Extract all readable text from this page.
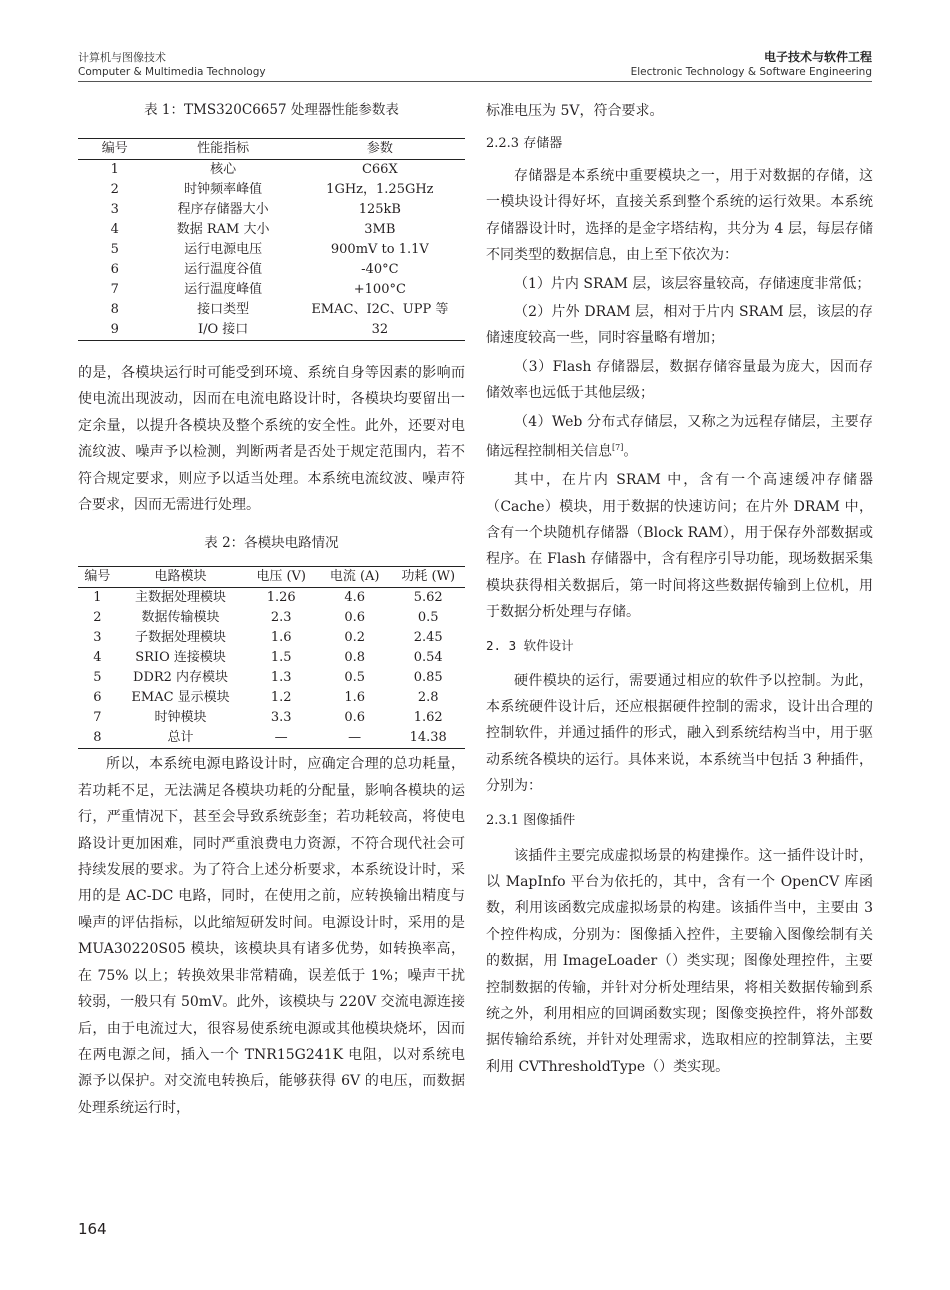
计算机与图像技术
Computer & Multimedia Technology
电子技术与软件工程
Electronic Technology & Software Engineering
表 1：TMS320C6657 处理器性能参数表
编号	性能指标	参数
1	核心	C66X
2	时钟频率峰值	1GHz，1.25GHz
3	程序存储器大小	125kB
4	数据 RAM 大小	3MB
5	运行电源电压	900mV to 1.1V
6	运行温度谷值	-40°C
7	运行温度峰值	+100°C
8	接口类型	EMAC、I2C、UPP 等
9	I/O 接口	32

的是，各模块运行时可能受到环境、系统自身等因素的影响而使电流出现波动，因而在电流电路设计时，各模块均要留出一定余量，以提升各模块及整个系统的安全性。此外，还要对电流纹波、噪声予以检测，判断两者是否处于规定范围内，若不符合规定要求，则应予以适当处理。本系统电流纹波、噪声符合要求，因而无需进行处理。

表 2：各模块电路情况
编号	电路模块	电压 (V)	电流 (A)	功耗 (W)
1	主数据处理模块	1.26	4.6	5.62
2	数据传输模块	2.3	0.6	0.5
3	子数据处理模块	1.6	0.2	2.45
4	SRIO 连接模块	1.5	0.8	0.54
5	DDR2 内存模块	1.3	0.5	0.85
6	EMAC 显示模块	1.2	1.6	2.8
7	时钟模块	3.3	0.6	1.62
8	总计	—	—	14.38

所以，本系统电源电路设计时，应确定合理的总功耗量，若功耗不足，无法满足各模块功耗的分配量，影响各模块的运行，严重情况下，甚至会导致系统彭奎；若功耗较高，将使电路设计更加困难，同时严重浪费电力资源，不符合现代社会可持续发展的要求。为了符合上述分析要求，本系统设计时，采用的是 AC-DC 电路，同时，在使用之前，应转换输出精度与噪声的评估指标，以此缩短研发时间。电源设计时，采用的是 MUA30220S05 模块，该模块具有诸多优势，如转换率高，在 75% 以上；转换效果非常精确，误差低于 1%；噪声干扰较弱，一般只有 50mV。此外，该模块与 220V 交流电源连接后，由于电流过大，很容易使系统电源或其他模块烧坏，因而在两电源之间，插入一个 TNR15G241K 电阻，以对系统电源予以保护。对交流电转换后，能够获得 6V 的电压，而数据处理系统运行时，

标准电压为 5V，符合要求。

2.2.3 存储器

存储器是本系统中重要模块之一，用于对数据的存储，这一模块设计得好坏，直接关系到整个系统的运行效果。本系统存储器设计时，选择的是金字塔结构，共分为 4 层，每层存储不同类型的数据信息，由上至下依次为：

（1）片内 SRAM 层，该层容量较高，存储速度非常低；

（2）片外 DRAM 层，相对于片内 SRAM 层，该层的存储速度较高一些，同时容量略有增加；

（3）Flash 存储器层，数据存储容量最为庞大，因而存储效率也远低于其他层级；

（4）Web 分布式存储层，又称之为远程存储层，主要存储远程控制相关信息[7]。

其中，在片内 SRAM 中，含有一个高速缓冲存储器（Cache）模块，用于数据的快速访问；在片外 DRAM 中，含有一个块随机存储器（Block RAM），用于保存外部数据或程序。在 Flash 存储器中，含有程序引导功能，现场数据采集模块获得相关数据后，第一时间将这些数据传输到上位机，用于数据分析处理与存储。

2. 3 软件设计

硬件模块的运行，需要通过相应的软件予以控制。为此，本系统硬件设计后，还应根据硬件控制的需求，设计出合理的控制软件，并通过插件的形式，融入到系统结构当中，用于驱动系统各模块的运行。具体来说，本系统当中包括 3 种插件，分别为：

2.3.1 图像插件

该插件主要完成虚拟场景的构建操作。这一插件设计时，以 MapInfo 平台为依托的，其中，含有一个 OpenCV 库函数，利用该函数完成虚拟场景的构建。该插件当中，主要由 3 个控件构成，分别为：图像插入控件，主要输入图像绘制有关的数据，用 ImageLoader（）类实现；图像处理控件，主要控制数据的传输，并针对分析处理结果，将相关数据传输到系统之外，利用相应的回调函数实现；图像变换控件，将外部数据传输给系统，并针对处理需求，选取相应的控制算法，主要利用 CVThresholdType（）类实现。

164
